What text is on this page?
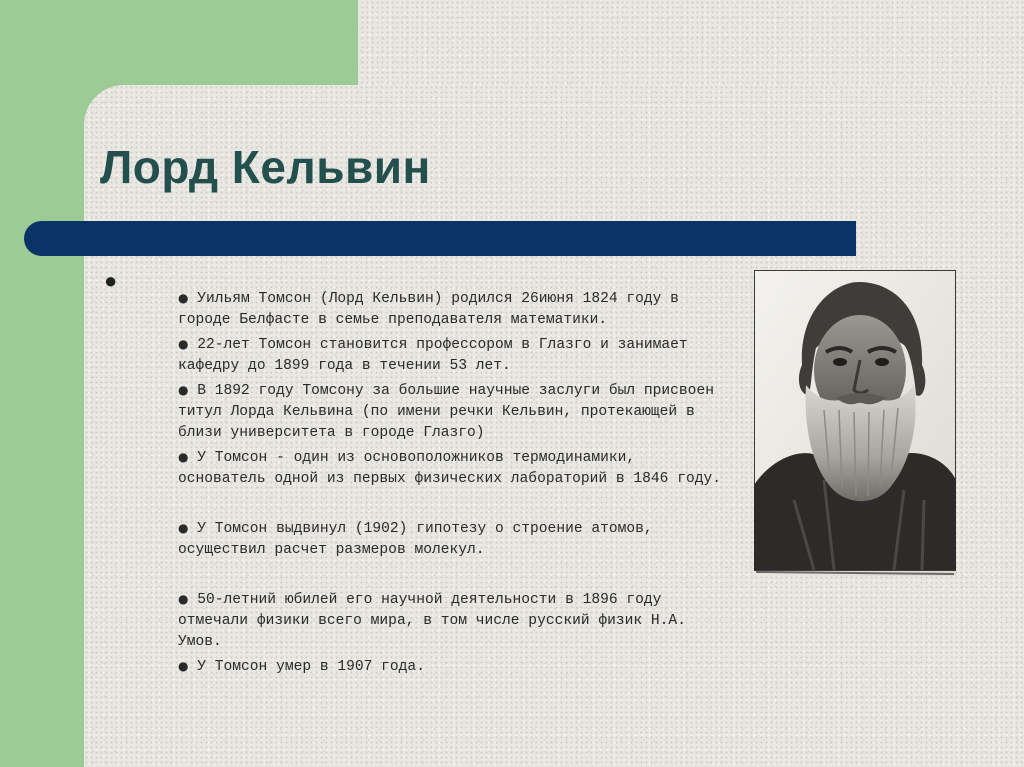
Лорд Кельвин
●

● Уильям Томсон (Лорд Кельвин) родился 26июня 1824 году в городе Белфасте в семье преподавателя математики.

● 22-лет Томсон становится профессором в Глазго и занимает кафедру до 1899 года в течении 53 лет.

● В 1892 году Томсону за большие научные заслуги был присвоен титул Лорда Кельвина (по имени речки Кельвин, протекающей в близи университета в городе Глазго)

● У Томсон - один из основоположников термодинамики, основатель одной из первых физических лабораторий в 1846 году.

● У Томсон выдвинул (1902) гипотезу о строение атомов, осуществил расчет размеров молекул.

● 50-летний юбилей его научной деятельности в 1896 году отмечали физики всего мира, в том числе русский физик Н.А. Умов.

● У Томсон умер в 1907 года.
